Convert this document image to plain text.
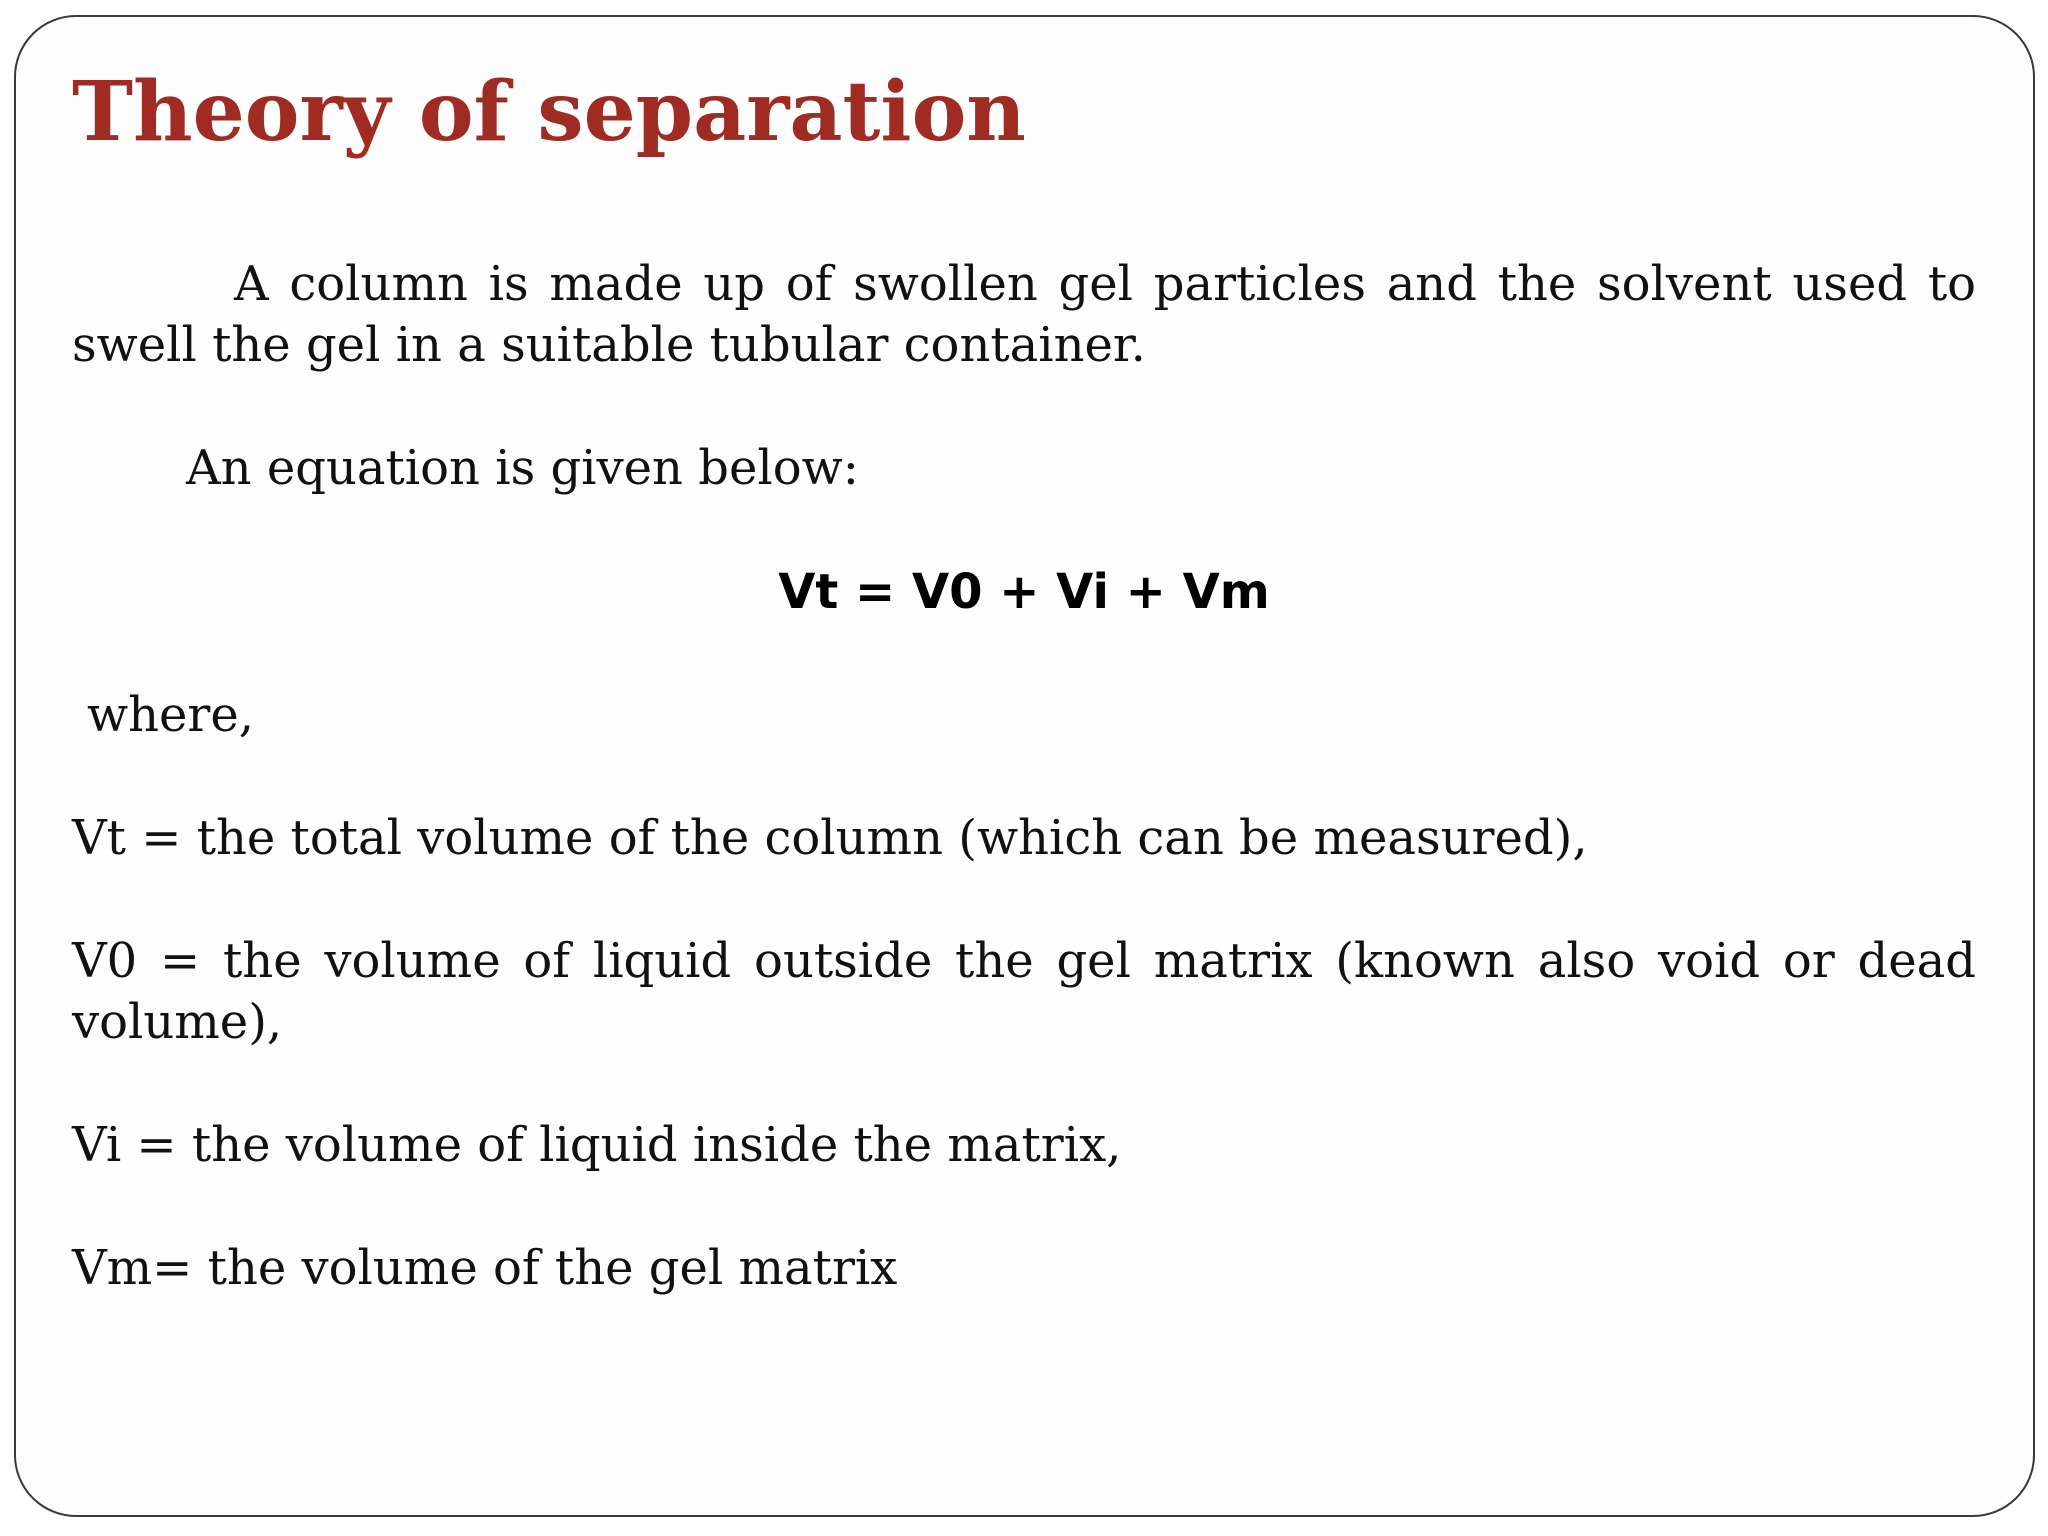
Theory of separation

A column is made up of swollen gel particles and the solvent used to swell the gel in a suitable tubular container.

An equation is given below:

Vt = V0 + Vi + Vm

where,

Vt = the total volume of the column (which can be measured),

V0 = the volume of liquid outside the gel matrix (known also void or dead volume),

Vi = the volume of liquid inside the matrix,

Vm= the volume of the gel matrix
